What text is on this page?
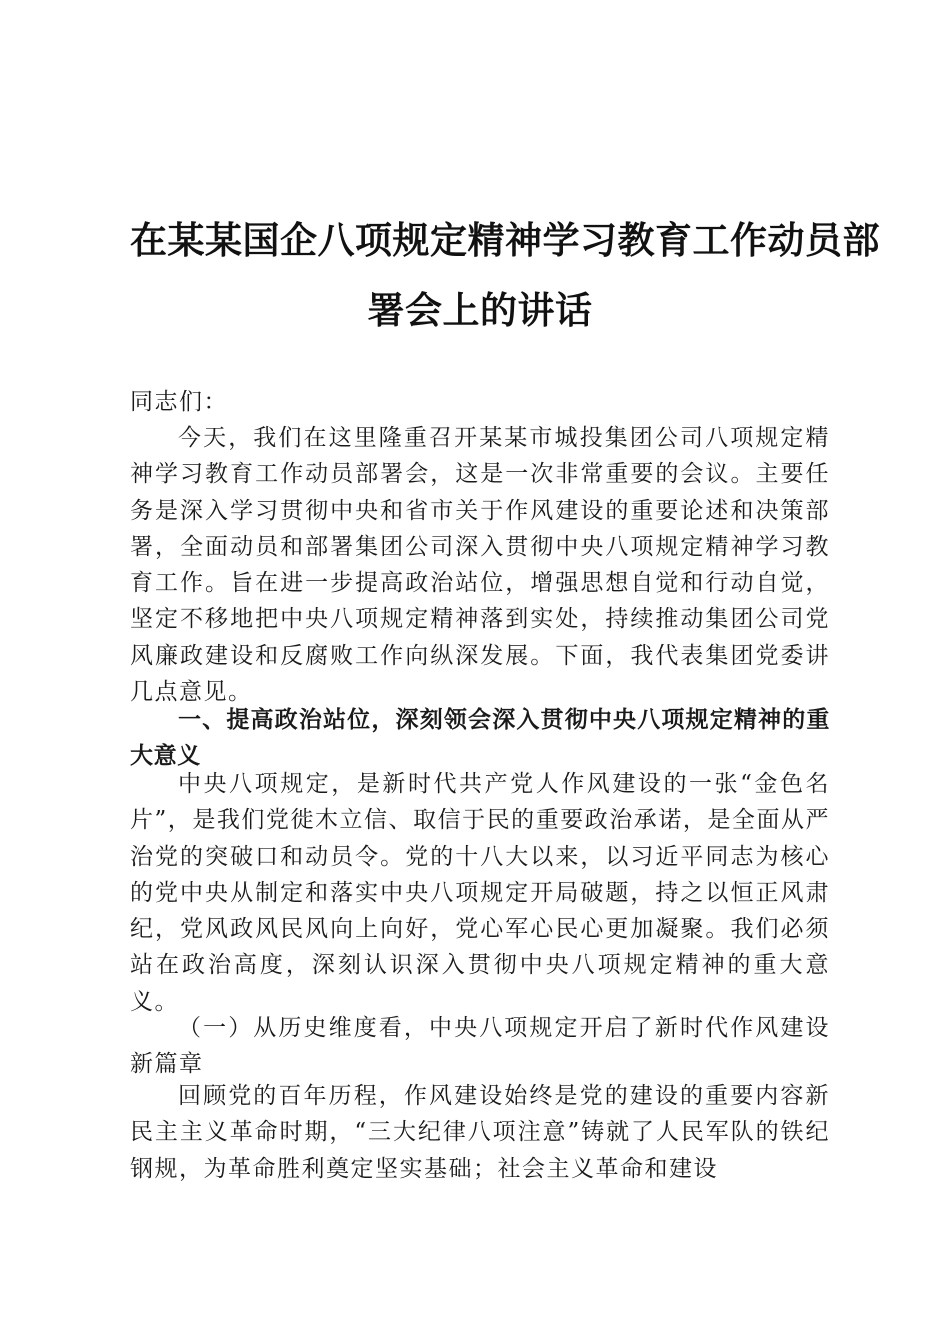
在某某国企八项规定精神学习教育工作动员部
署会上的讲话
同志们：
今天，我们在这里隆重召开某某市城投集团公司八项规定精神学习教育工作动员部署会，这是一次非常重要的会议。主要任务是深入学习贯彻中央和省市关于作风建设的重要论述和决策部署，全面动员和部署集团公司深入贯彻中央八项规定精神学习教育工作。旨在进一步提高政治站位，增强思想自觉和行动自觉，坚定不移地把中央八项规定精神落到实处，持续推动集团公司党风廉政建设和反腐败工作向纵深发展。下面，我代表集团党委讲几点意见。
一、提高政治站位，深刻领会深入贯彻中央八项规定精神的重大意义
中央八项规定，是新时代共产党人作风建设的一张“金色名片”，是我们党徙木立信、取信于民的重要政治承诺，是全面从严治党的突破口和动员令。党的十八大以来，以习近平同志为核心的党中央从制定和落实中央八项规定开局破题，持之以恒正风肃纪，党风政风民风向上向好，党心军心民心更加凝聚。我们必须站在政治高度，深刻认识深入贯彻中央八项规定精神的重大意义。
（一）从历史维度看，中央八项规定开启了新时代作风建设新篇章
回顾党的百年历程，作风建设始终是党的建设的重要内容新民主主义革命时期，“三大纪律八项注意”铸就了人民军队的铁纪钢规，为革命胜利奠定坚实基础；社会主义革命和建设
